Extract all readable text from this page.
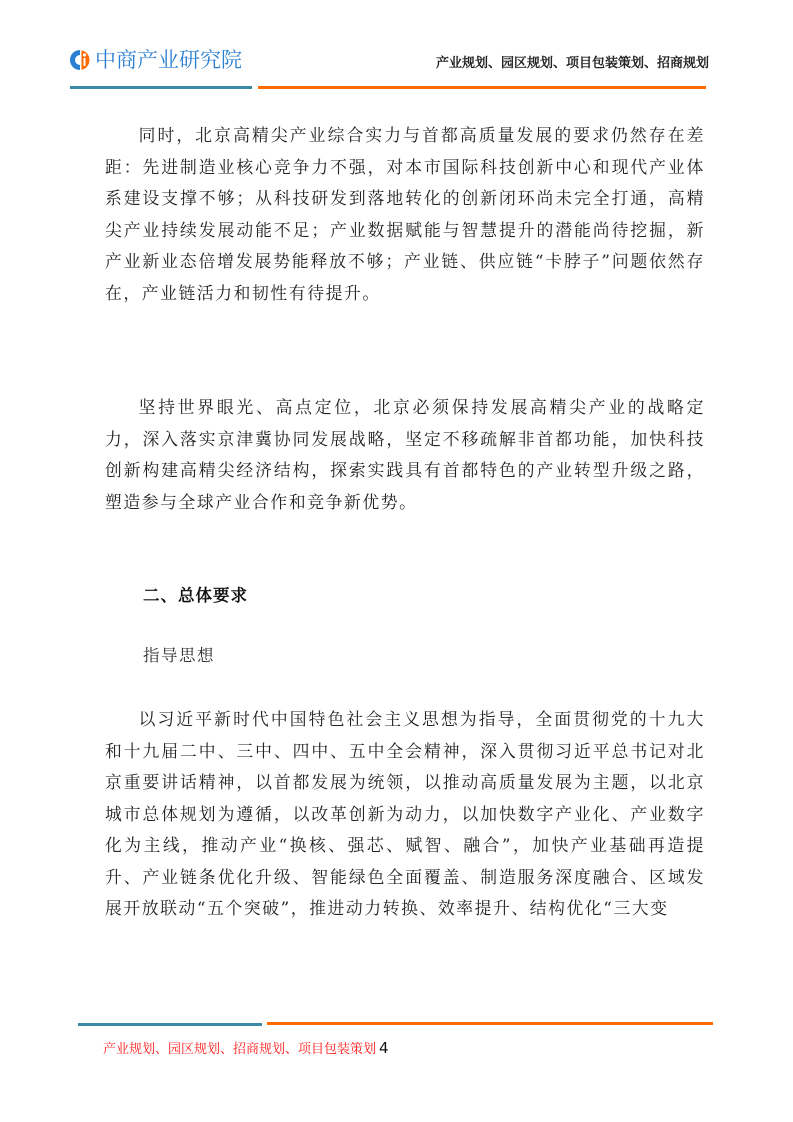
中商产业研究院	产业规划、园区规划、项目包装策划、招商规划

同时，北京高精尖产业综合实力与首都高质量发展的要求仍然存在差距：先进制造业核心竞争力不强，对本市国际科技创新中心和现代产业体系建设支撑不够；从科技研发到落地转化的创新闭环尚未完全打通，高精尖产业持续发展动能不足；产业数据赋能与智慧提升的潜能尚待挖掘，新产业新业态倍增发展势能释放不够；产业链、供应链“卡脖子”问题依然存在，产业链活力和韧性有待提升。

坚持世界眼光、高点定位，北京必须保持发展高精尖产业的战略定力，深入落实京津冀协同发展战略，坚定不移疏解非首都功能，加快科技创新构建高精尖经济结构，探索实践具有首都特色的产业转型升级之路，塑造参与全球产业合作和竞争新优势。

二、总体要求
指导思想

以习近平新时代中国特色社会主义思想为指导，全面贯彻党的十九大和十九届二中、三中、四中、五中全会精神，深入贯彻习近平总书记对北京重要讲话精神，以首都发展为统领，以推动高质量发展为主题，以北京城市总体规划为遵循，以改革创新为动力，以加快数字产业化、产业数字化为主线，推动产业“换核、强芯、赋智、融合”，加快产业基础再造提升、产业链条优化升级、智能绿色全面覆盖、制造服务深度融合、区域发展开放联动“五个突破”，推进动力转换、效率提升、结构优化“三大变

产业规划、园区规划、招商规划、项目包装策划 4
